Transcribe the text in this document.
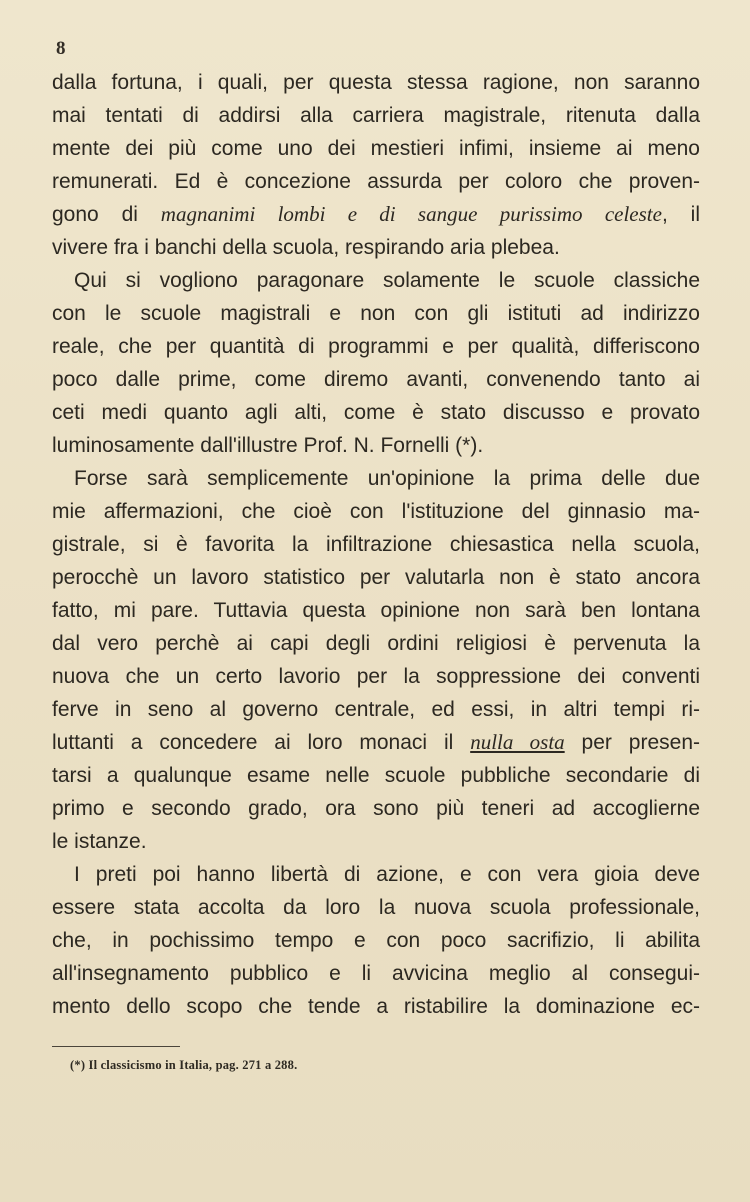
8
dalla fortuna, i quali, per questa stessa ragione, non saranno
mai tentati di addirsi alla carriera magistrale, ritenuta dalla
mente dei più come uno dei mestieri infimi, insieme ai meno
remunerati. Ed è concezione assurda per coloro che proven-
gono di magnanimi lombi e di sangue purissimo celeste, il
vivere fra i banchi della scuola, respirando aria plebea.
Qui si vogliono paragonare solamente le scuole classiche
con le scuole magistrali e non con gli istituti ad indirizzo
reale, che per quantità di programmi e per qualità, differiscono
poco dalle prime, come diremo avanti, convenendo tanto ai
ceti medi quanto agli alti, come è stato discusso e provato
luminosamente dall'illustre Prof. N. Fornelli (*).
Forse sarà semplicemente un'opinione la prima delle due
mie affermazioni, che cioè con l'istituzione del ginnasio ma-
gistrale, si è favorita la infiltrazione chiesastica nella scuola,
perocchè un lavoro statistico per valutarla non è stato ancora
fatto, mi pare. Tuttavia questa opinione non sarà ben lontana
dal vero perchè ai capi degli ordini religiosi è pervenuta la
nuova che un certo lavorio per la soppressione dei conventi
ferve in seno al governo centrale, ed essi, in altri tempi ri-
luttanti a concedere ai loro monaci il nulla osta per presen-
tarsi a qualunque esame nelle scuole pubbliche secondarie di
primo e secondo grado, ora sono più teneri ad accoglierne
le istanze.
I preti poi hanno libertà di azione, e con vera gioia deve
essere stata accolta da loro la nuova scuola professionale,
che, in pochissimo tempo e con poco sacrifizio, li abilita
all'insegnamento pubblico e li avvicina meglio al consegui-
mento dello scopo che tende a ristabilire la dominazione ec-
(*) Il classicismo in Italia, pag. 271 a 288.
